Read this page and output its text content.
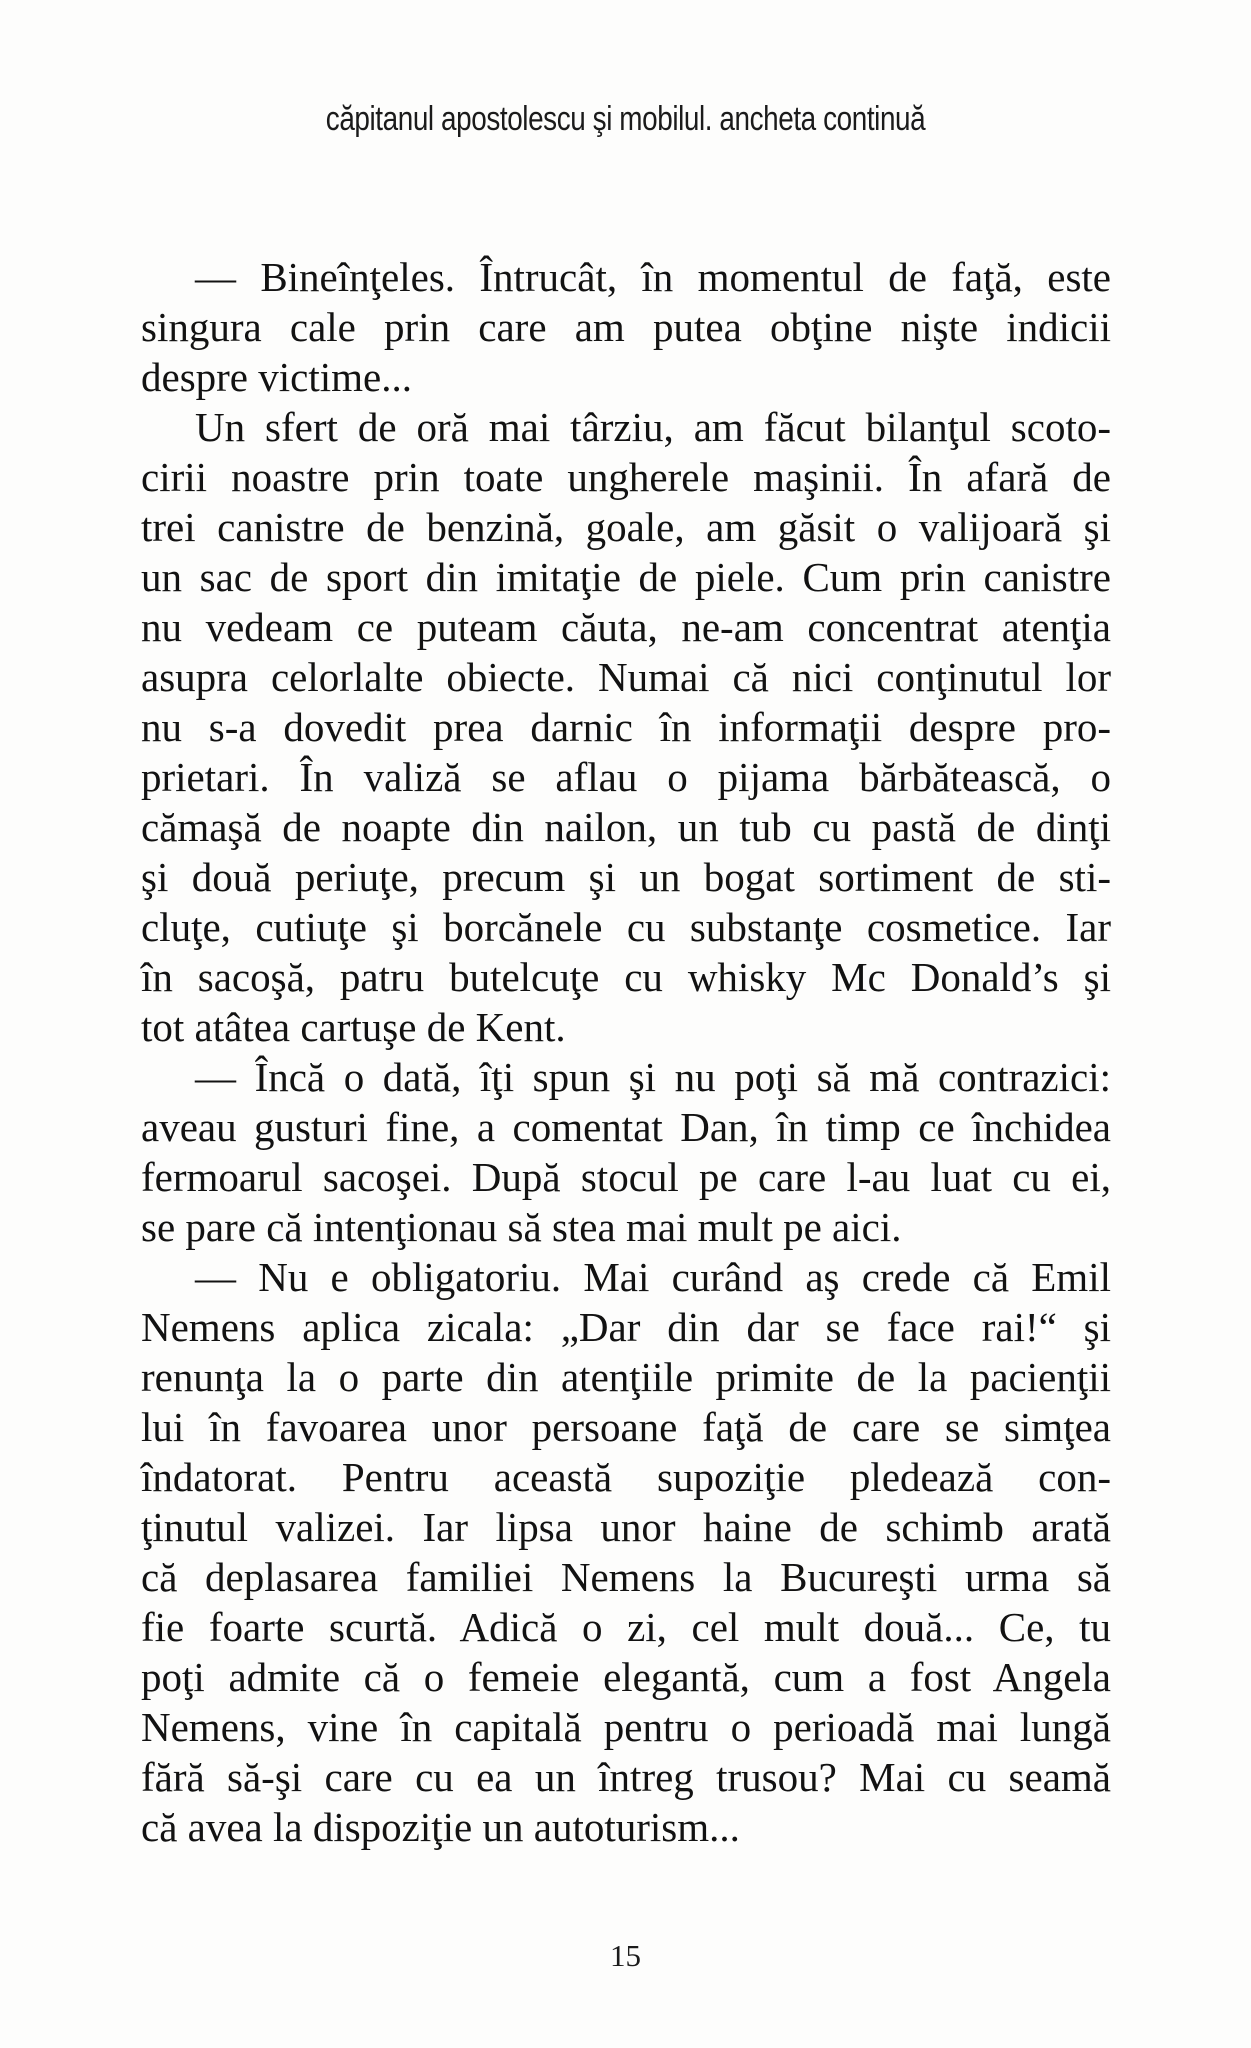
căpitanul apostolescu şi mobilul. ancheta continuă
— Bineînţeles. Întrucât, în momentul de faţă, este
singura cale prin care am putea obţine nişte indicii
despre victime...
Un sfert de oră mai târziu, am făcut bilanţul scoto-
cirii noastre prin toate ungherele maşinii. În afară de
trei canistre de benzină, goale, am găsit o valijoară şi
un sac de sport din imitaţie de piele. Cum prin canistre
nu vedeam ce puteam căuta, ne-am concentrat atenţia
asupra celorlalte obiecte. Numai că nici conţinutul lor
nu s-a dovedit prea darnic în informaţii despre pro-
prietari. În valiză se aflau o pijama bărbătească, o
cămaşă de noapte din nailon, un tub cu pastă de dinţi
şi două periuţe, precum şi un bogat sortiment de sti-
cluţe, cutiuţe şi borcănele cu substanţe cosmetice. Iar
în sacoşă, patru butelcuţe cu whisky Mc Donald’s şi
tot atâtea cartuşe de Kent.
— Încă o dată, îţi spun şi nu poţi să mă contrazici:
aveau gusturi fine, a comentat Dan, în timp ce închidea
fermoarul sacoşei. După stocul pe care l-au luat cu ei,
se pare că intenţionau să stea mai mult pe aici.
— Nu e obligatoriu. Mai curând aş crede că Emil
Nemens aplica zicala: „Dar din dar se face rai!“ şi
renunţa la o parte din atenţiile primite de la pacienţii
lui în favoarea unor persoane faţă de care se simţea
îndatorat. Pentru această supoziţie pledează con-
ţinutul valizei. Iar lipsa unor haine de schimb arată
că deplasarea familiei Nemens la Bucureşti urma să
fie foarte scurtă. Adică o zi, cel mult două... Ce, tu
poţi admite că o femeie elegantă, cum a fost Angela
Nemens, vine în capitală pentru o perioadă mai lungă
fără să-şi care cu ea un întreg trusou? Mai cu seamă
că avea la dispoziţie un autoturism...
15
